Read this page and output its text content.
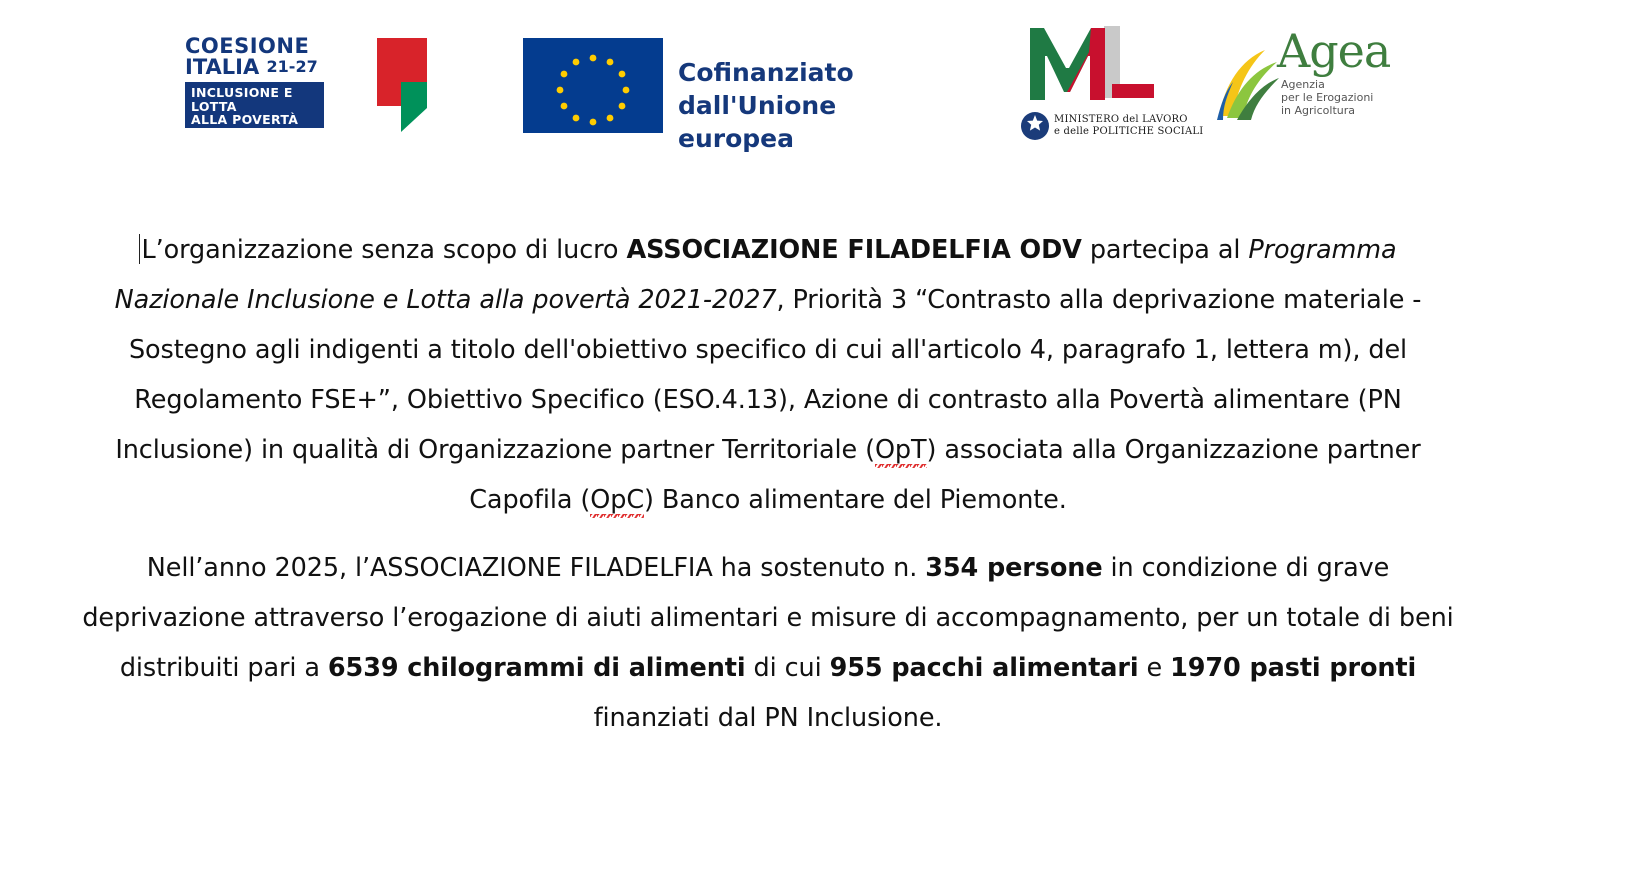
COESIONE
ITALIA 21-27
INCLUSIONE E LOTTA
ALLA POVERTÀ
Cofinanziato
dall'Unione europea
MINISTERO del LAVORO
e delle POLITICHE SOCIALI
Agea
Agenzia
per le Erogazioni
in Agricoltura

L’organizzazione senza scopo di lucro ASSOCIAZIONE FILADELFIA ODV partecipa al Programma Nazionale Inclusione e Lotta alla povertà 2021-2027, Priorità 3 “Contrasto alla deprivazione materiale - Sostegno agli indigenti a titolo dell'obiettivo specifico di cui all'articolo 4, paragrafo 1, lettera m), del Regolamento FSE+”, Obiettivo Specifico (ESO.4.13), Azione di contrasto alla Povertà alimentare (PN Inclusione) in qualità di Organizzazione partner Territoriale (OpT) associata alla Organizzazione partner Capofila (OpC) Banco alimentare del Piemonte.

Nell’anno 2025, l’ASSOCIAZIONE FILADELFIA ha sostenuto n. 354 persone in condizione di grave deprivazione attraverso l’erogazione di aiuti alimentari e misure di accompagnamento, per un totale di beni distribuiti pari a 6539 chilogrammi di alimenti di cui 955 pacchi alimentari e 1970 pasti pronti finanziati dal PN Inclusione.
